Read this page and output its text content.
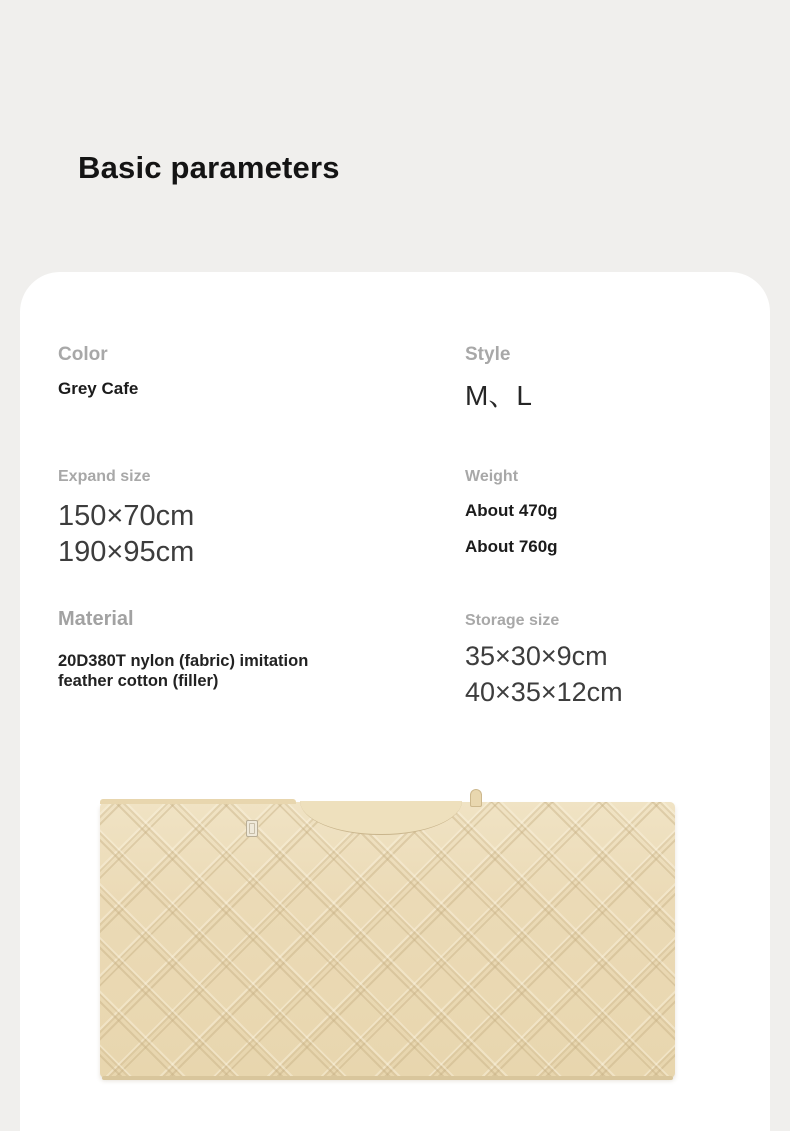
Basic parameters
Color
Grey Cafe
Style
M、L
Expand size
150×70cm
190×95cm
Weight
About 470g
About 760g
Material
20D380T nylon (fabric) imitation
feather cotton (filler)
Storage size
35×30×9cm
40×35×12cm
